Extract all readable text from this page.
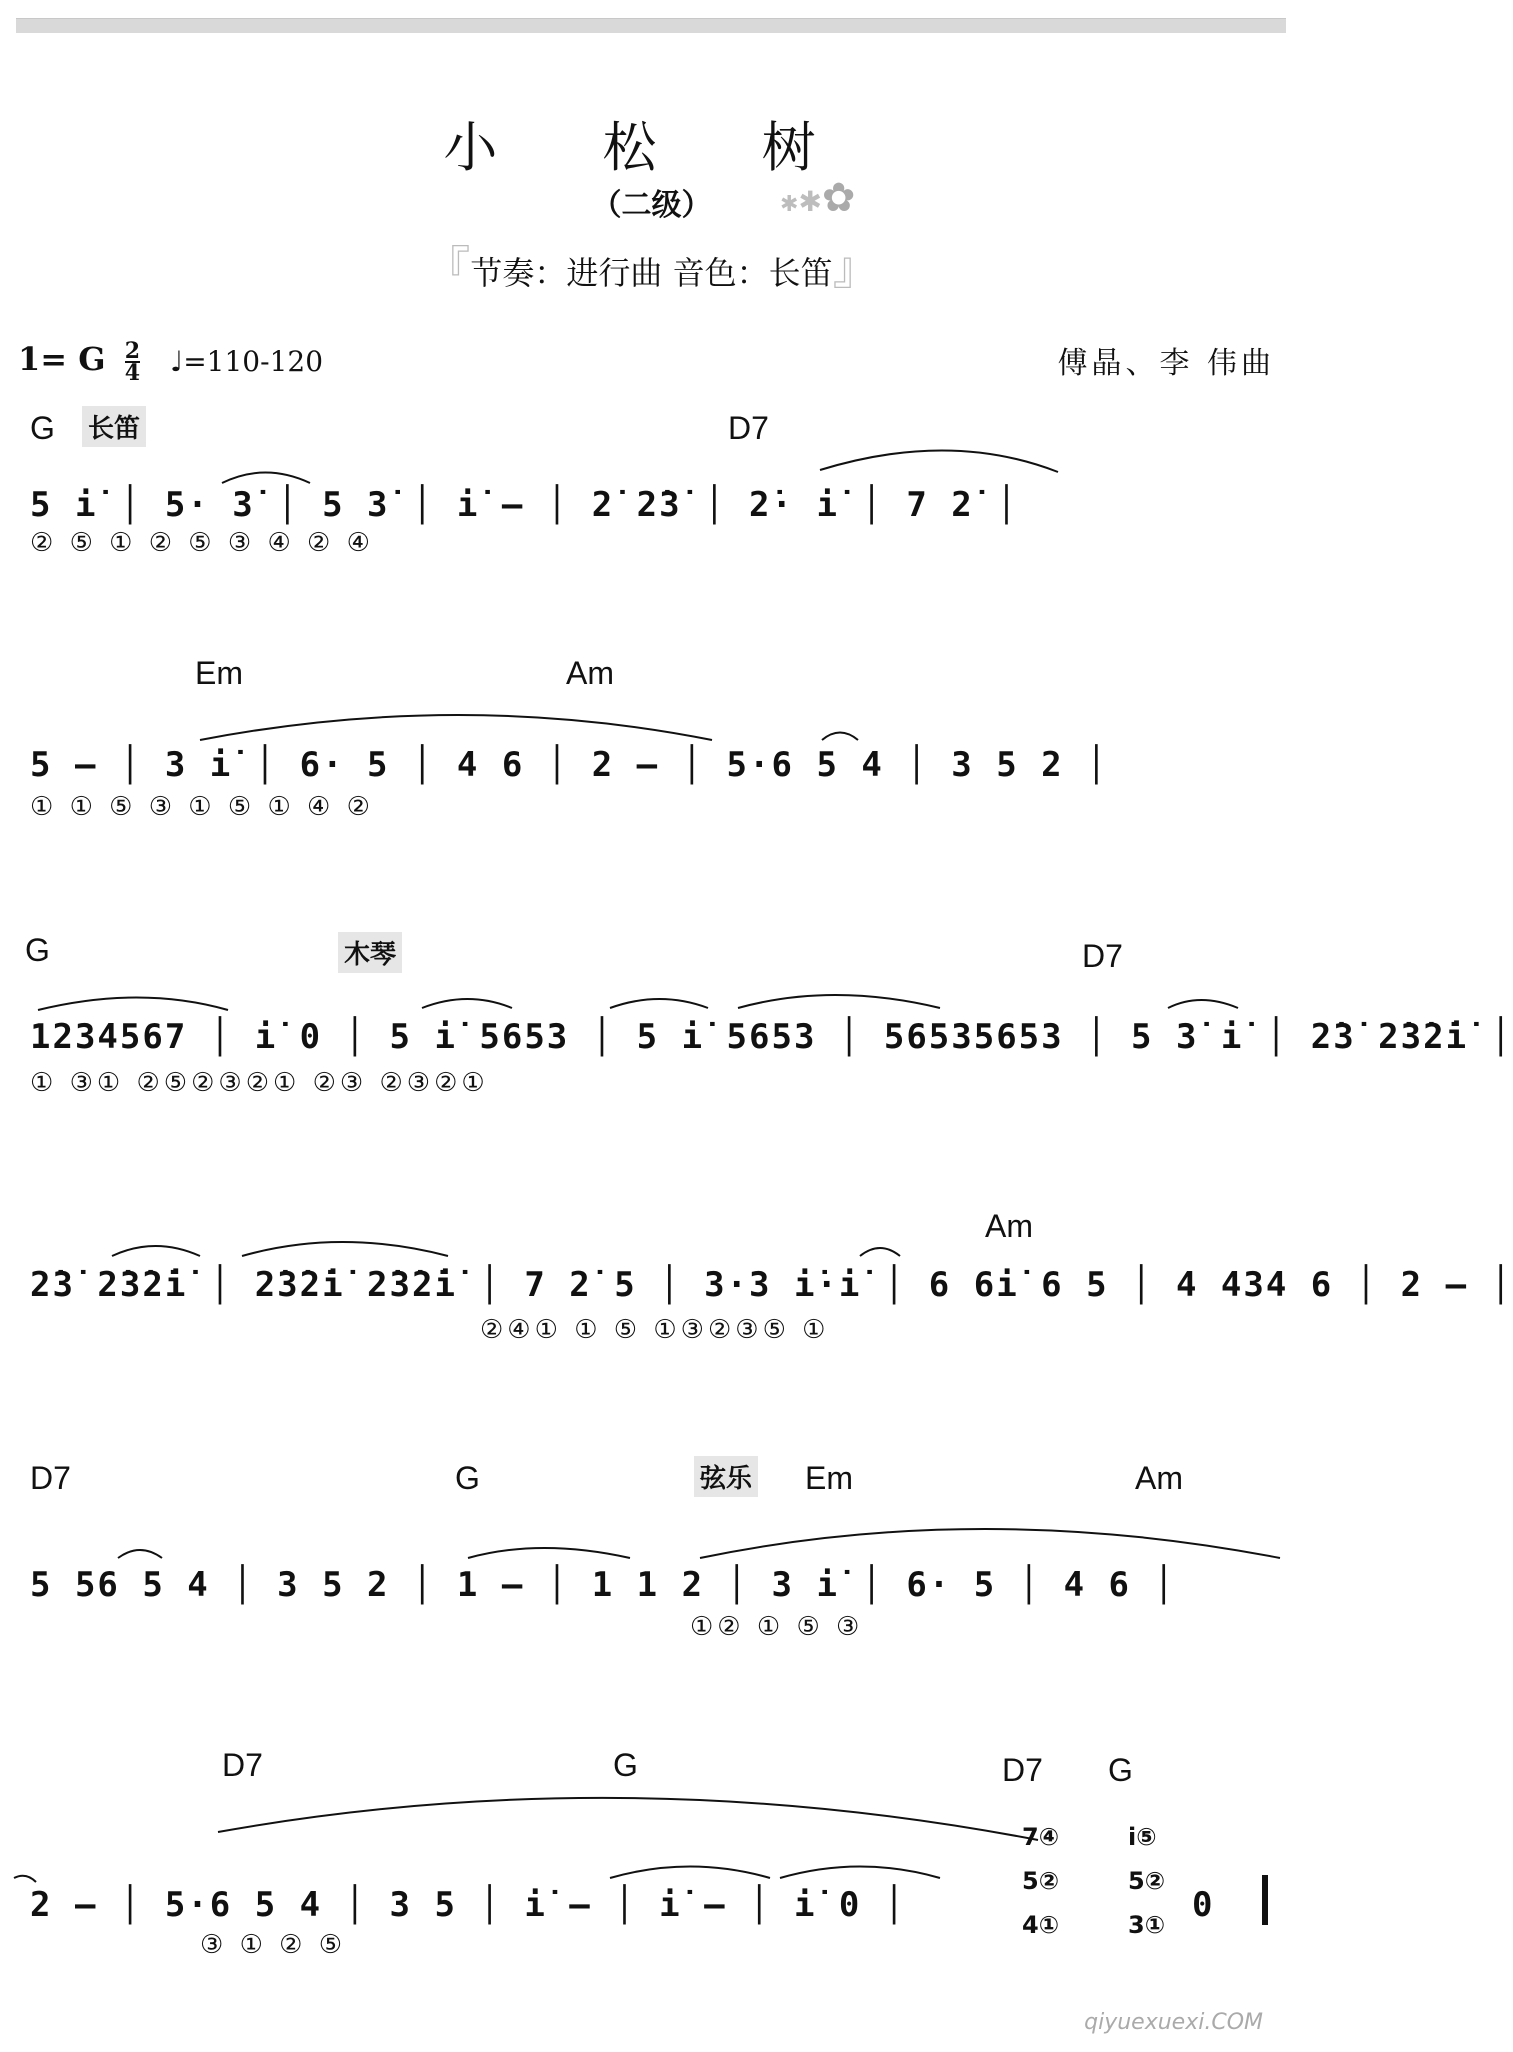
小 松 树
（二级）	✱✱✿
『节奏：进行曲 音色：长笛』
1= G $\frac{2}{4}$ ♩=110-120	傅晶、李 伟曲
G 长笛	D7
5 i̇ │ 5· 3̇ │ 5 3̇ │ i̇ – │ 2̇ 2̇3̇ │ 2̇· i̇ │ 7 2̇ │
② ⑤ ① ② ⑤ ③ ④ ② ④
Em	Am
5 – │ 3 i̇ │ 6· 5 │ 4 6 │ 2 – │ 5·6 5 4 │ 3 5 2 │
① ① ⑤ ③ ① ⑤ ① ④ ②
G	木琴	D7
1234567 │ i̇ 0 │ 5 i̇ 5653 │ 5 i̇ 5653 │ 56535653 │ 5 3̇ i̇ │ 2̇3̇ 2̇3̇2̇i̇ │
① ③① ②⑤②③②① ②③ ②③②①
Am
2̇3̇ 2̇3̇2̇i̇ │ 2̇3̇2̇i̇ 2̇3̇2̇i̇ │ 7 2̇ 5 │ 3·3 i̇·i̇ │ 6 6i̇ 6 5 │ 4 434 6 │ 2 – │
②④① ① ⑤ ①③②③⑤ ①
D7	G	弦乐 Em	Am
5 56 5 4 │ 3 5 2 │ 1 – │ 1 1 2 │ 3 i̇ │ 6· 5 │ 4 6 │
①② ① ⑤ ③
D7	G	D7 G
2 – │ 5·6 5 4 │ 3 5 │ i̇ – │ i̇ – │ i̇ 0 │
③ ① ② ⑤
7④ 5② 4①
i̇⑤ 5② 3① 0
qiyuexuexi.COM
